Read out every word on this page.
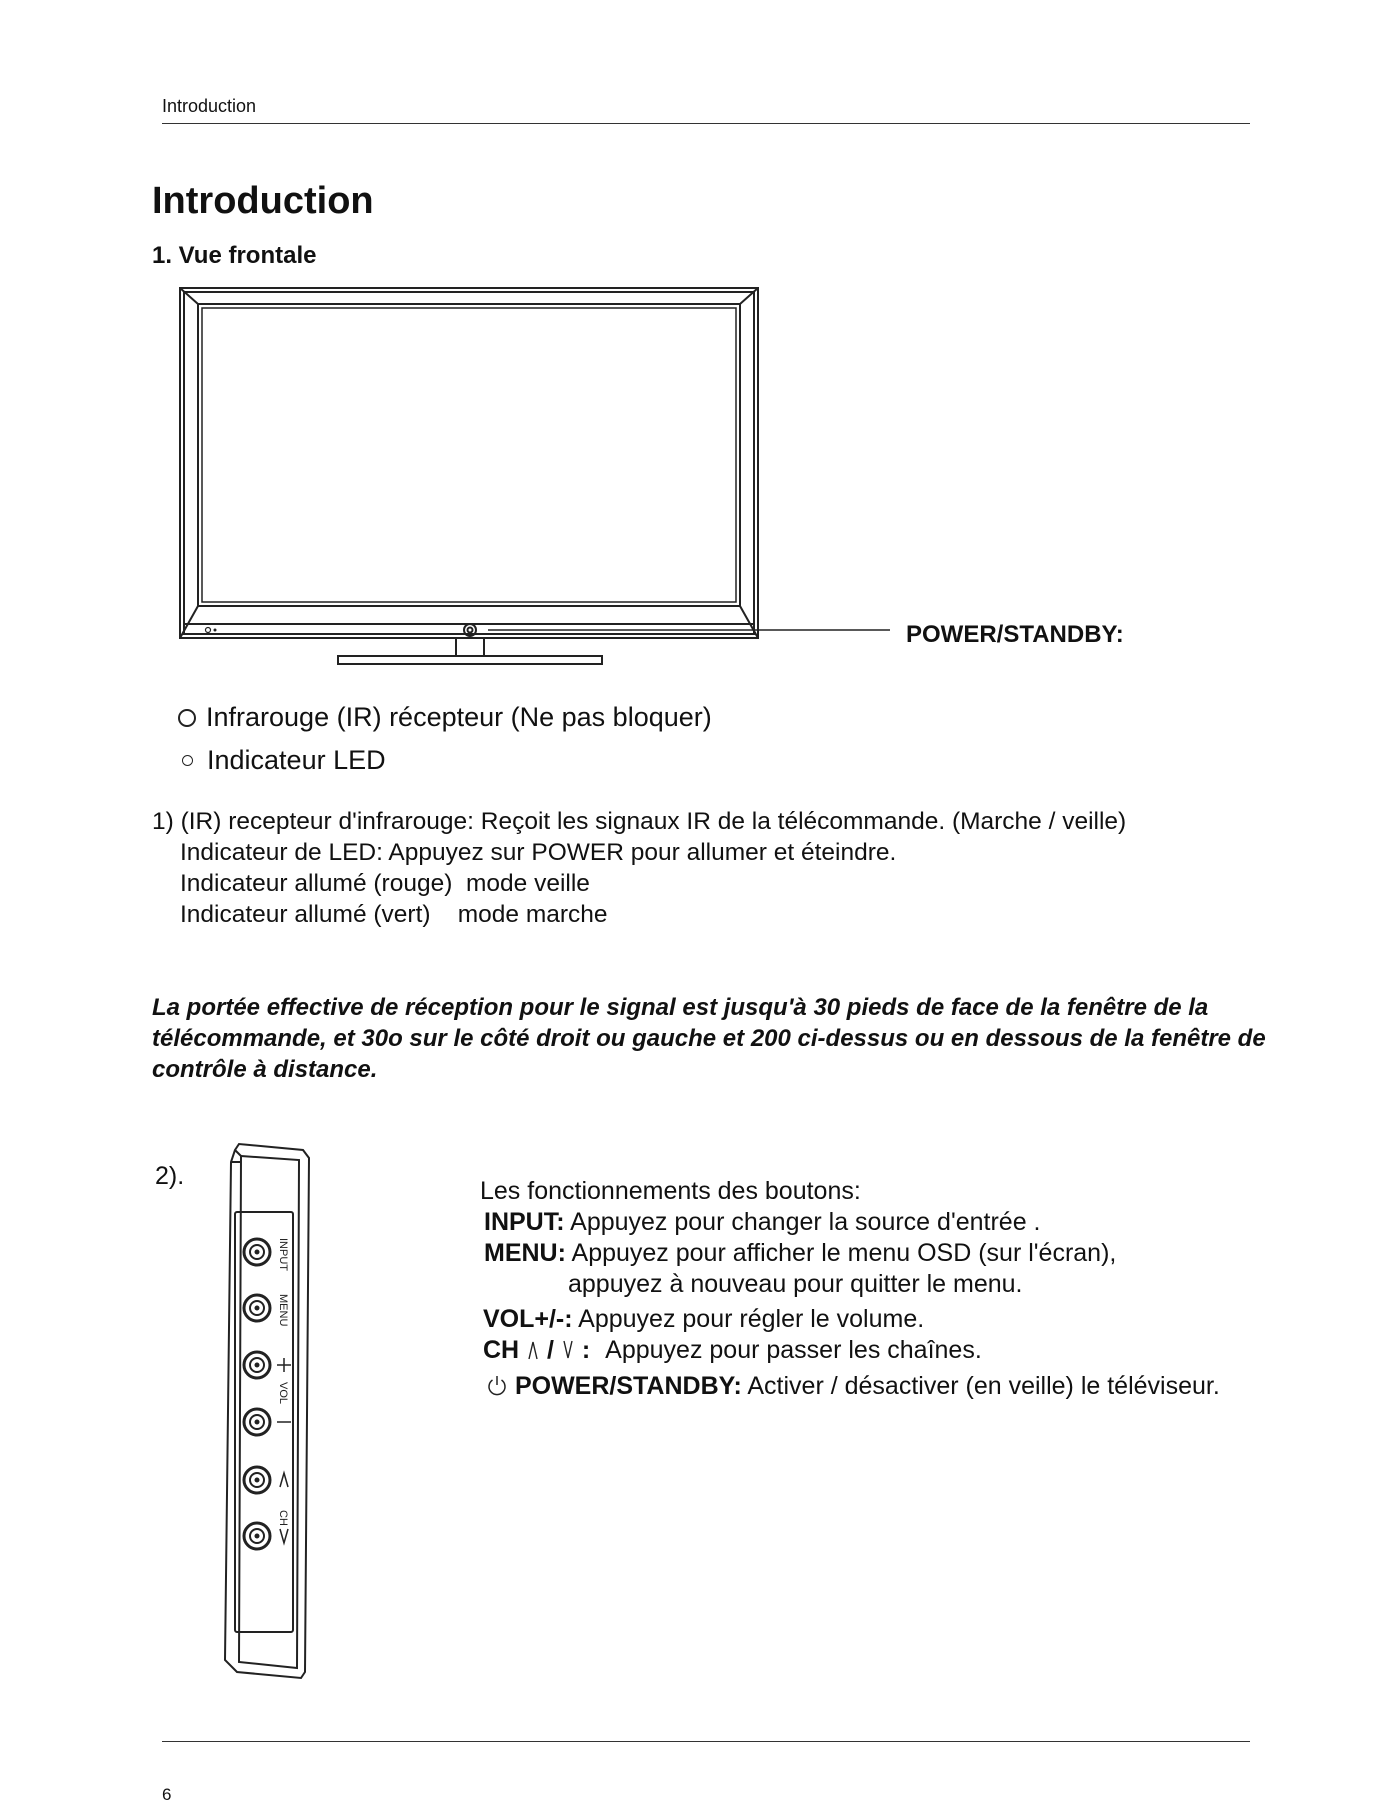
Introduction
Introduction
1. Vue frontale
POWER/STANDBY:
Infrarouge (IR) récepteur (Ne pas bloquer)
Indicateur LED
1) (IR) recepteur d'infrarouge: Reçoit les signaux IR de la télécommande. (Marche / veille)
Indicateur de LED: Appuyez sur POWER pour allumer et éteindre.
Indicateur allumé (rouge)  mode veille
Indicateur allumé (vert)    mode marche
La portée effective de réception pour le signal est jusqu'à 30 pieds de face de la fenêtre de la télécommande, et 30o sur le côté droit ou gauche et 200 ci-dessus ou en dessous de la fenêtre de contrôle à distance.
2).
INPUT
MENU
VOL
CH
Les fonctionnements des boutons:
INPUT: Appuyez pour changer la source d'entrée .
MENU: Appuyez pour afficher le menu OSD (sur l'écran),
appuyez à nouveau pour quitter le menu.
VOL+/-: Appuyez pour régler le volume.
CH / : Appuyez pour passer les chaînes.
POWER/STANDBY: Activer / désactiver (en veille) le téléviseur.
6
